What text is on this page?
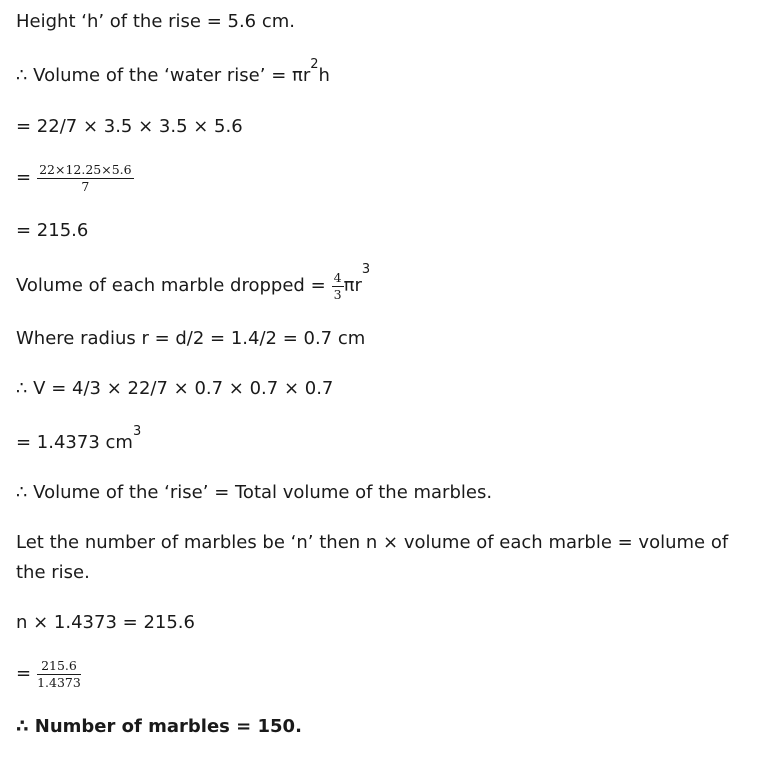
Height ‘h’ of the rise = 5.6 cm.
∴ Volume of the ‘water rise’ = $\pi r^2h$
= 22/7 × 3.5 × 3.5 × 5.6
= $\frac{22\times 12.25\times 5.6}{7}$
= 215.6
Volume of each marble dropped = $\frac{4}{3} \pi r^3$
Where radius r = d/2 = 1.4/2 = 0.7 cm
∴ V = 4/3 × 22/7 × 0.7 × 0.7 × 0.7
= 1.4373 $cm^3$
∴ Volume of the ‘rise’ = Total volume of the marbles.
Let the number of marbles be ‘n’ then n × volume of each marble = volume of the rise.
n × 1.4373 = 215.6
= $\frac{215.6}{1.4373}$
∴ Number of marbles = 150.
